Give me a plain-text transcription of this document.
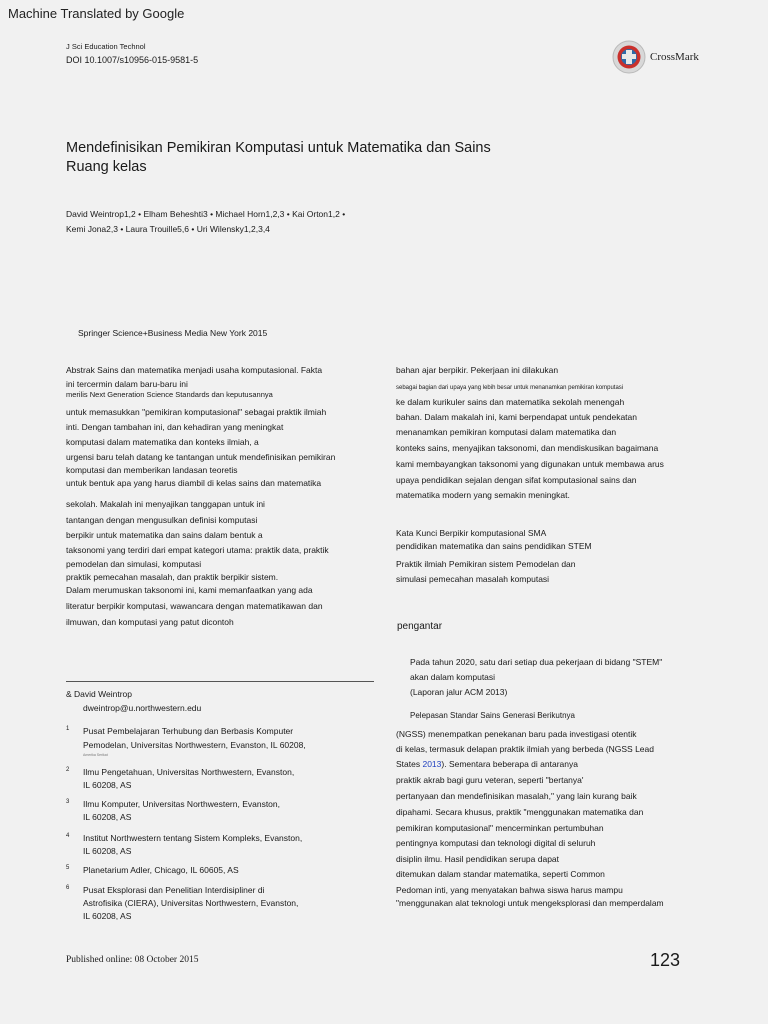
Machine Translated by Google
J Sci Education Technol
DOI 10.1007/s10956-015-9581-5	CrossMark
Mendefinisikan Pemikiran Komputasi untuk Matematika dan Sains
Ruang kelas
David Weintrop1,2 • Elham Beheshti3 • Michael Horn1,2,3 • Kai Orton1,2 •
Kemi Jona2,3 • Laura Trouille5,6 • Uri Wilensky1,2,3,4
Springer Science+Business Media New York 2015
Abstrak Sains dan matematika menjadi usaha komputasional. Fakta
ini tercermin dalam baru-baru ini
merilis Next Generation Science Standards dan keputusannya
untuk memasukkan "pemikiran komputasional" sebagai praktik ilmiah
inti. Dengan tambahan ini, dan kehadiran yang meningkat
komputasi dalam matematika dan konteks ilmiah, a
urgensi baru telah datang ke tantangan untuk mendefinisikan pemikiran
komputasi dan memberikan landasan teoretis
untuk bentuk apa yang harus diambil di kelas sains dan matematika
sekolah. Makalah ini menyajikan tanggapan untuk ini
tantangan dengan mengusulkan definisi komputasi
berpikir untuk matematika dan sains dalam bentuk a
taksonomi yang terdiri dari empat kategori utama: praktik data, praktik
pemodelan dan simulasi, komputasi
praktik pemecahan masalah, dan praktik berpikir sistem.
Dalam merumuskan taksonomi ini, kami memanfaatkan yang ada
literatur berpikir komputasi, wawancara dengan matematikawan dan
ilmuwan, dan komputasi yang patut dicontoh
bahan ajar berpikir. Pekerjaan ini dilakukan
sebagai bagian dari upaya yang lebih besar untuk menanamkan pemikiran komputasi
ke dalam kurikuler sains dan matematika sekolah menengah
bahan. Dalam makalah ini, kami berpendapat untuk pendekatan
menanamkan pemikiran komputasi dalam matematika dan
konteks sains, menyajikan taksonomi, dan mendiskusikan bagaimana
kami membayangkan taksonomi yang digunakan untuk membawa arus
upaya pendidikan sejalan dengan sifat komputasional sains dan
matematika modern yang semakin meningkat.
Kata Kunci Berpikir komputasional SMA
pendidikan matematika dan sains pendidikan STEM
Praktik ilmiah Pemikiran sistem Pemodelan dan
simulasi pemecahan masalah komputasi
pengantar
Pada tahun 2020, satu dari setiap dua pekerjaan di bidang "STEM"
akan dalam komputasi
(Laporan jalur ACM 2013)
Pelepasan Standar Sains Generasi Berikutnya
(NGSS) menempatkan penekanan baru pada investigasi otentik
di kelas, termasuk delapan praktik ilmiah yang berbeda (NGSS Lead
States 2013). Sementara beberapa di antaranya
praktik akrab bagi guru veteran, seperti "bertanya'
pertanyaan dan mendefinisikan masalah," yang lain kurang baik
dipahami. Secara khusus, praktik "menggunakan matematika dan
pemikiran komputasional" mencerminkan pertumbuhan
pentingnya komputasi dan teknologi digital di seluruh
disiplin ilmu. Hasil pendidikan serupa dapat
ditemukan dalam standar matematika, seperti Common
Pedoman inti, yang menyatakan bahwa siswa harus mampu
"menggunakan alat teknologi untuk mengeksplorasi dan memperdalam
& David Weintrop
dweintrop@u.northwestern.edu
1	Pusat Pembelajaran Terhubung dan Berbasis Komputer
Pemodelan, Universitas Northwestern, Evanston, IL 60208,
Amerika Serikat
2	Ilmu Pengetahuan, Universitas Northwestern, Evanston,
IL 60208, AS
3	Ilmu Komputer, Universitas Northwestern, Evanston,
IL 60208, AS
4	Institut Northwestern tentang Sistem Kompleks, Evanston,
IL 60208, AS
5	Planetarium Adler, Chicago, IL 60605, AS
6	Pusat Eksplorasi dan Penelitian Interdisipliner di
Astrofisika (CIERA), Universitas Northwestern, Evanston,
IL 60208, AS
Published online: 08 October 2015	123
